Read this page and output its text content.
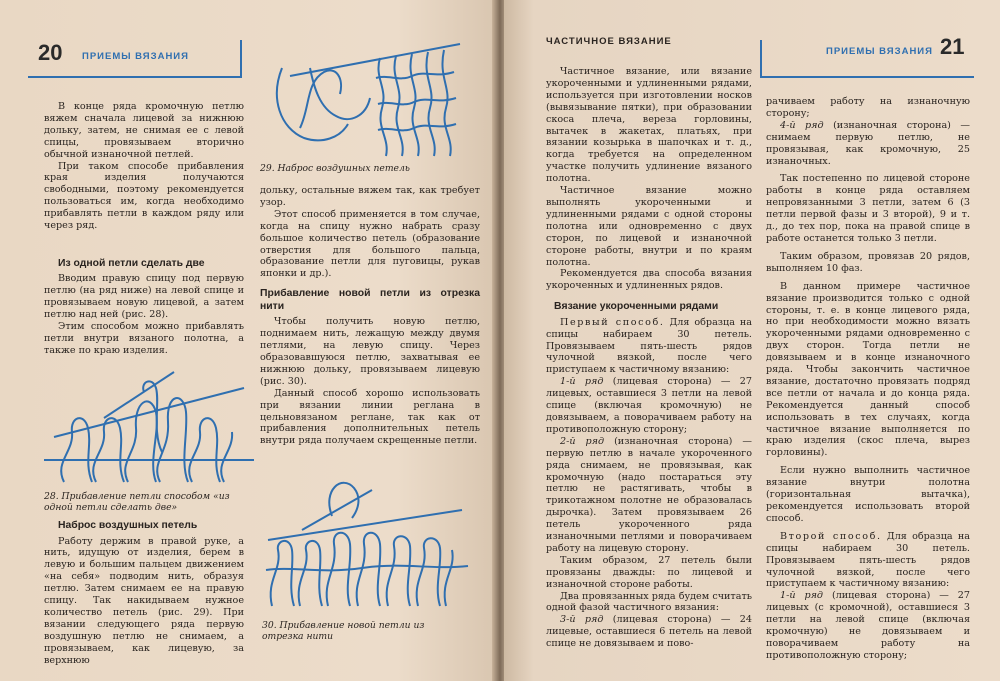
20 ПРИЕМЫ ВЯЗАНИЯ

В конце ряда кромочную петлю вяжем сначала лицевой за нижнюю дольку, затем, не снимая ее с левой спицы, провязываем вторично обычной изнаночной петлей.

При таком способе прибавления края изделия получаются свободными, поэтому рекомендуется пользоваться им, когда необходимо прибавлять петли в каждом ряду или через ряд.

Из одной петли сделать две

Вводим правую спицу под первую петлю (на ряд ниже) на левой спице и провязываем новую лицевой, а затем петлю над ней (рис. 28).

Этим способом можно прибавлять петли внутри вязаного полотна, а также по краю изделия.

28. Прибавление петли способом «из одной петли сделать две»
Наброс воздушных петель

Работу держим в правой руке, а нить, идущую от изделия, берем в левую и большим пальцем движением «на себя» подводим нить, образуя петлю. Затем снимаем ее на правую спицу. Так накидываем нужное количество петель (рис. 29). При вязании следующего ряда первую воздушную петлю не снимаем, а провязываем, как лицевую, за верхнюю

29. Наброс воздушных петель

дольку, остальные вяжем так, как требует узор.

Этот способ применяется в том случае, когда на спицу нужно набрать сразу большое количество петель (образование отверстия для большого пальца, образование петли для пуговицы, рукав японки и др.).

Прибавление новой петли из отрезка нити

Чтобы получить новую петлю, поднимаем нить, лежащую между двумя петлями, на левую спицу. Через образовавшуюся петлю, захватывая ее нижнюю дольку, провязываем лицевую (рис. 30).

Данный способ хорошо использовать при вязании линии реглана в цельновязаном реглане, так как от прибавления дополнительных петель внутри ряда получаем скрещенные петли.

30. Прибавление новой петли из отрезка нити
ЧАСТИЧНОЕ ВЯЗАНИЕ
ПРИЕМЫ ВЯЗАНИЯ 21

Частичное вязание, или вязание укороченными и удлиненными рядами, используется при изготовлении носков (вывязывание пятки), при образовании скоса плеча, вереза горловины, вытачек в жакетах, платьях, при вязании козырька в шапочках и т. д., когда требуется на определенном участке получить удлинение вязаного полотна.

Частичное вязание можно выполнять укороченными и удлиненными рядами с одной стороны полотна или одновременно с двух сторон, по лицевой и изнаночной стороне работы, внутри и по краям полотна.

Рекомендуется два способа вязания укороченных и удлиненных рядов.

Вязание укороченными рядами

Первый способ. Для образца на спицы набираем 30 петель. Провязываем пять-шесть рядов чулочной вязкой, после чего приступаем к частичному вязанию:

1-й ряд (лицевая сторона) — 27 лицевых, оставшиеся 3 петли на левой спице (включая кромочную) не довязываем, а поворачиваем работу на противоположную сторону;

2-й ряд (изнаночная сторона) — первую петлю в начале укороченного ряда снимаем, не провязывая, как кромочную (надо постараться эту петлю не растягивать, чтобы в трикотажном полотне не образовалась дырочка). Затем провязываем 26 петель укороченного ряда изнаночными петлями и поворачиваем работу на лицевую сторону.

Таким образом, 27 петель были провязаны дважды: по лицевой и изнаночной стороне работы.

Два провязанных ряда будем считать одной фазой частичного вязания:

3-й ряд (лицевая сторона) — 24 лицевые, оставшиеся 6 петель на левой спице не довязываем и пово-

рачиваем работу на изнаночную сторону;

4-й ряд (изнаночная сторона) — снимаем первую петлю, не провязывая, как кромочную, 25 изнаночных.

Так постепенно по лицевой стороне работы в конце ряда оставляем непровязанными 3 петли, затем 6 (3 петли первой фазы и 3 второй), 9 и т. д., до тех пор, пока на правой спице в работе останется только 3 петли.

Таким образом, провязав 20 рядов, выполняем 10 фаз.

В данном примере частичное вязание производится только с одной стороны, т. е. в конце лицевого ряда, но при необходимости можно вязать укороченными рядами одновременно с двух сторон. Тогда петли не довязываем и в конце изнаночного ряда. Чтобы закончить частичное вязание, достаточно провязать подряд все петли от начала и до конца ряда. Рекомендуется данный способ использовать в тех случаях, когда частичное вязание выполняется по краю изделия (скос плеча, вырез горловины).

Если нужно выполнить частичное вязание внутри полотна (горизонтальная вытачка), рекомендуется использовать второй способ.

Второй способ. Для образца на спицы набираем 30 петель. Провязываем пять-шесть рядов чулочной вязкой, после чего приступаем к частичному вязанию:

1-й ряд (лицевая сторона) — 27 лицевых (с кромочной), оставшиеся 3 петли на левой спице (включая кромочную) не довязываем и поворачиваем работу на противоположную сторону;
